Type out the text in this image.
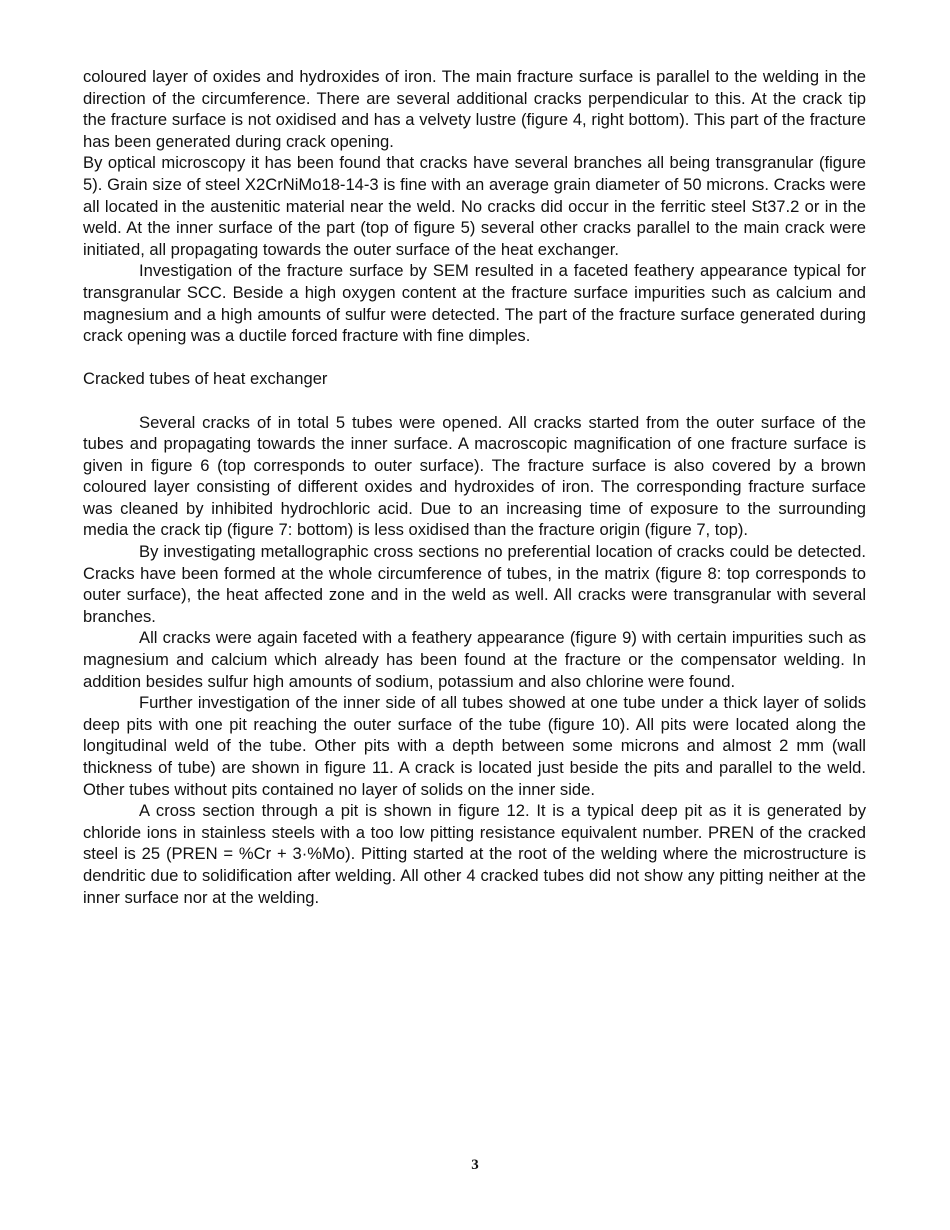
coloured layer of oxides and hydroxides of iron. The main fracture surface is parallel to the welding in the direction of the circumference. There are several additional cracks perpendicular to this. At the crack tip the fracture surface is not oxidised and has a velvety lustre (figure 4, right bottom). This part of the fracture has been generated during crack opening.

By optical microscopy it has been found that cracks have several branches all being transgranular (figure 5). Grain size of steel X2CrNiMo18-14-3 is fine with an average grain diameter of 50 microns. Cracks were all located in the austenitic material near the weld. No cracks did occur in the ferritic steel St37.2 or in the weld. At the inner surface of the part (top of figure 5) several other cracks parallel to the main crack were initiated, all propagating towards the outer surface of the heat exchanger.

Investigation of the fracture surface by SEM resulted in a faceted feathery appearance typical for transgranular SCC. Beside a high oxygen content at the fracture surface impurities such as calcium and magnesium and a high amounts of sulfur were detected. The part of the fracture surface generated during crack opening was a ductile forced fracture with fine dimples.

Cracked tubes of heat exchanger

Several cracks of in total 5 tubes were opened. All cracks started from the outer surface of the tubes and propagating towards the inner surface. A macroscopic magnification of one fracture surface is given in figure 6 (top corresponds to outer surface). The fracture surface is also covered by a brown coloured layer consisting of different oxides and hydroxides of iron. The corresponding fracture surface was cleaned by inhibited hydrochloric acid. Due to an increasing time of exposure to the surrounding media the crack tip (figure 7: bottom) is less oxidised than the fracture origin (figure 7, top).

By investigating metallographic cross sections no preferential location of cracks could be detected. Cracks have been formed at the whole circumference of tubes, in the matrix (figure 8: top corresponds to outer surface), the heat affected zone and in the weld as well. All cracks were transgranular with several branches.

All cracks were again faceted with a feathery appearance (figure 9) with certain impurities such as magnesium and calcium which already has been found at the fracture or the compensator welding. In addition besides sulfur high amounts of sodium, potassium and also chlorine were found.

Further investigation of the inner side of all tubes showed at one tube under a thick layer of solids deep pits with one pit reaching the outer surface of the tube (figure 10). All pits were located along the longitudinal weld of the tube. Other pits with a depth between some microns and almost 2 mm (wall thickness of tube) are shown in figure 11. A crack is located just beside the pits and parallel to the weld. Other tubes without pits contained no layer of solids on the inner side.

A cross section through a pit is shown in figure 12. It is a typical deep pit as it is generated by chloride ions in stainless steels with a too low pitting resistance equivalent number. PREN of the cracked steel is 25 (PREN = %Cr + 3·%Mo). Pitting started at the root of the welding where the microstructure is dendritic due to solidification after welding. All other 4 cracked tubes did not show any pitting neither at the inner surface nor at the welding.

3
